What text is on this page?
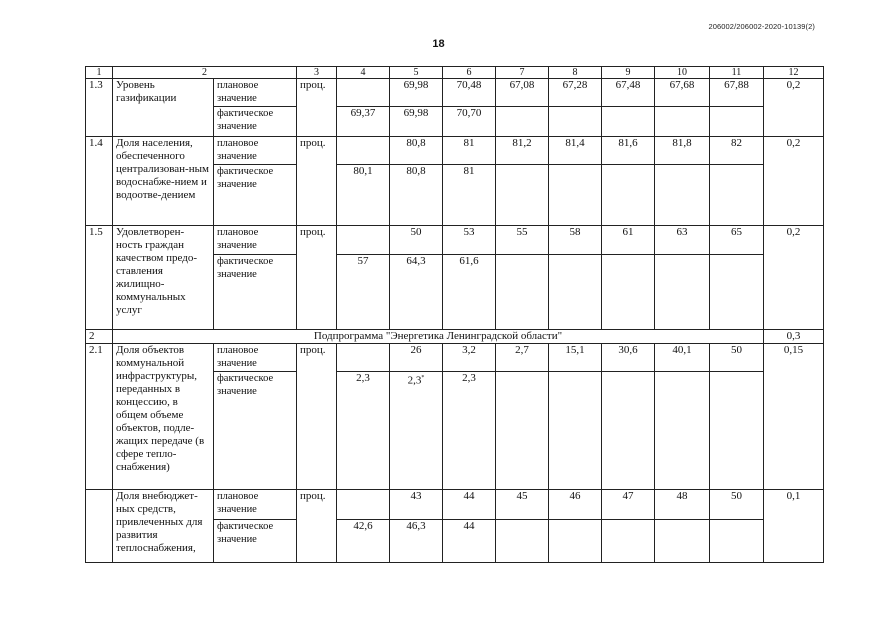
206002/206002-2020-10139(2)
18
1	2		3	4	5	6	7	8	9	10	11	12
1.3	Уровень газификации	плановое значение	проц.		69,98	70,48	67,08	67,28	67,48	67,68	67,88	0,2
		фактическое значение		69,37	69,98	70,70						
1.4	Доля населения, обеспеченного централизован-ным водоснабже-нием и водоотве-дением	плановое значение	проц.		80,8	81	81,2	81,4	81,6	81,8	82	0,2
		фактическое значение		80,1	80,8	81						
1.5	Удовлетворен-ность граждан качеством предо-ставления жилищно-коммунальных услуг	плановое значение	проц.		50	53	55	58	61	63	65	0,2
		фактическое значение		57	64,3	61,6						
2	Подпрограмма "Энергетика Ленинградской области"											0,3
2.1	Доля объектов коммунальной инфраструктуры, переданных в концессию, в общем объеме объектов, подле-жащих передаче (в сфере тепло-снабжения)	плановое значение	проц.		26	3,2	2,7	15,1	30,6	40,1	50	0,15
		фактическое значение		2,3	2,3*	2,3						
	Доля внебюджет-ных средств, привлеченных для развития теплоснабжения,	плановое значение	проц.		43	44	45	46	47	48	50	0,1
		фактическое значение		42,6	46,3	44						
